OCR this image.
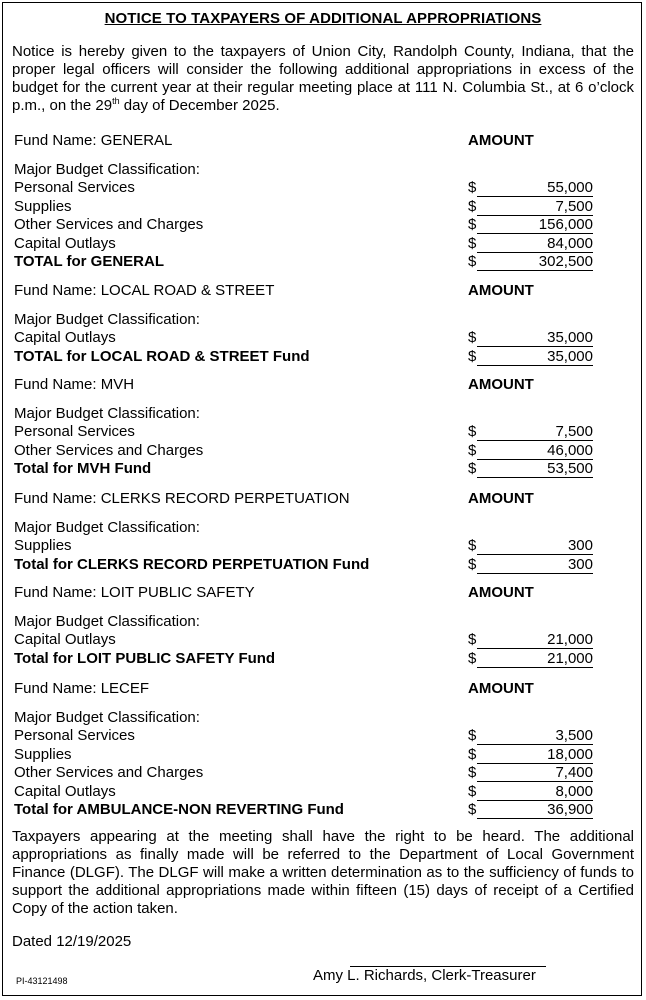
NOTICE TO TAXPAYERS OF ADDITIONAL APPROPRIATIONS
Notice is hereby given to the taxpayers of Union City, Randolph County, Indiana, that the proper legal officers will consider the following additional appropriations in excess of the budget for the current year at their regular meeting place at 111 N. Columbia St., at 6 o’clock p.m., on the 29th day of December 2025.
Fund Name: GENERAL	AMOUNT
Major Budget Classification:
Personal Services	$	55,000
Supplies	$	7,500
Other Services and Charges	$	156,000
Capital Outlays	$	84,000
TOTAL for GENERAL	$	302,500
Fund Name: LOCAL ROAD & STREET	AMOUNT
Major Budget Classification:
Capital Outlays	$	35,000
TOTAL for LOCAL ROAD & STREET Fund	$	35,000
Fund Name: MVH	AMOUNT
Major Budget Classification:
Personal Services	$	7,500
Other Services and Charges	$	46,000
Total for MVH Fund	$	53,500
Fund Name: CLERKS RECORD PERPETUATION	AMOUNT
Major Budget Classification:
Supplies	$	300
Total for CLERKS RECORD PERPETUATION Fund	$	300
Fund Name: LOIT PUBLIC SAFETY	AMOUNT
Major Budget Classification:
Capital Outlays	$	21,000
Total for LOIT PUBLIC SAFETY Fund	$	21,000
Fund Name: LECEF	AMOUNT
Major Budget Classification:
Personal Services	$	3,500
Supplies	$	18,000
Other Services and Charges	$	7,400
Capital Outlays	$	8,000
Total for AMBULANCE-NON REVERTING Fund	$	36,900
Taxpayers appearing at the meeting shall have the right to be heard. The additional appropriations as finally made will be referred to the Department of Local Government Finance (DLGF). The DLGF will make a written determination as to the sufficiency of funds to support the additional appropriations made within fifteen (15) days of receipt of a Certified Copy of the action taken.
Dated 12/19/2025
Amy L. Richards, Clerk-Treasurer
PI-43121498
